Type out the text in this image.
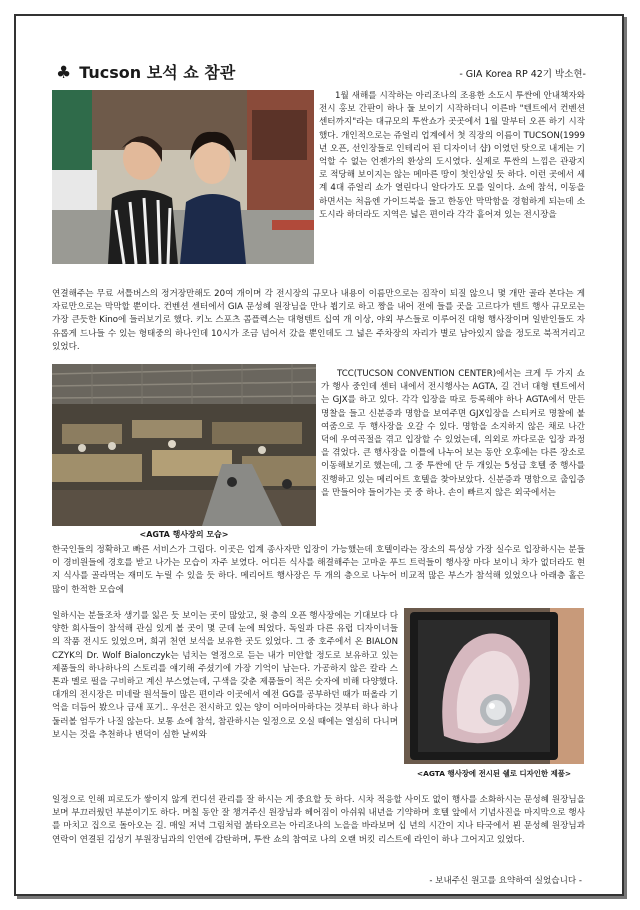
♣ Tucson 보석 쇼 참관	- GIA Korea RP 42기 박소현-
1월 새해를 시작하는 아리조나의 조용한 소도시 투싼에 안내책자와 전시 홍보 간판이 하나 둘 보이기 시작하더니 이른바 "텐트에서 컨벤션 센터까지"라는 대규모의 투싼쇼가 곳곳에서 1월 말부터 오픈 하기 시작했다. 개인적으로는 쥬얼리 업계에서 첫 직장의 이름이 TUCSON(1999년 오픈, 선인장들로 인테리어 된 디자이너 샵) 이였던 탓으로 내게는 기억할 수 없는 언젠가의 환상의 도시였다. 실제로 투싼의 느낌은 관광지로 적당해 보이지는 않는 메마른 땅이 첫인상일 듯 하다. 이런 곳에서 세계 4대 쥬얼리 쇼가 열린다니 알다가도 모를 일이다. 쇼에 참석, 이동을 하면서는 처음엔 가이드북을 들고 한동안 막막함을 경험하게 되는데 소도시라 하더라도 지역은 넓은 편이라 각각 흩어져 있는 전시장을
연결해주는 무료 셔틀버스의 정거장만해도 20여 개이며 각 전시장의 규모나 내용이 이름만으로는 짐작이 되질 않으니 몇 개만 골라 본다는 게 자료만으로는 막막할 뿐이다. 컨벤션 센터에서 GIA 문성혜 원장님을 만나 뵙기로 하고 짱을 내어 전에 들를 곳을 고르다가 텐트 행사 규모로는 가장 큰듯한 Kino에 들러보기로 했다. 키노 스포츠 콤플렉스는 대형텐트 십여 개 이상, 야외 부스들로 이루어진 대형 행사장이며 일반인들도 자유롭게 드나들 수 있는 형태중의 하나인데 10시가 조금 넘어서 갔을 뿐인데도 그 넓은 주차장의 자리가 별로 남아있지 않을 정도로 북적거리고 있었다.
<AGTA 행사장의 모습>
TCC(TUCSON CONVENTION CENTER)에서는 크게 두 가지 쇼가 행사 중인데 센터 내에서 전시행사는 AGTA, 길 건너 대형 텐트에서는 GJX를 하고 있다. 각각 입장을 따로 등록해야 하나 AGTA에서 만든 명찰을 들고 신분증과 명함을 보여주면 GJX입장을 스티커로 명찰에 붙여줌으로 두 행사장을 오갈 수 있다. 명함을 소지하지 않은 채로 나간 덕에 우여곡절을 겪고 입장할 수 있었는데, 의외로 까다로운 입장 과정을 겪었다. 큰 행사장을 이틀에 나누어 보는 동안 오후에는 다른 장소로 이동해보기로 했는데, 그 중 투싼에 단 두 개있는 5성급 호텔 중 행사를 진행하고 있는 메리어트 호텔을 찾아보았다. 신분증과 명함으로 출입증을 만들어야 들어가는 곳 중 하나. 손이 빠르지 않은 외국에서는
한국인들의 정확하고 빠른 서비스가 그립다. 이곳은 업계 종사자만 입장이 가능했는데 호텔이라는 장소의 특성상 가장 실수로 입장하시는 분들이 경비원들에 경호를 받고 나가는 모습이 자주 보였다. 어디든 식사를 해결해주는 고마운 푸드 트럭들이 행사장 마다 보이니 차가 없더라도 현지 식사를 골라먹는 재미도 누릴 수 있을 듯 하다. 메리어트 행사장은 두 개의 층으로 나누어 비교적 많은 부스가 참석해 있었으나 아래층 홀은 많이 한적한 모습에
일하시는 분들조차 생기를 잃은 듯 보이는 곳이 많았고, 윗 층의 오픈 행사장에는 기대보다 다양한 회사들이 참석해 관심 있게 볼 곳이 몇 군데 눈에 띄었다. 독일과 다른 유럽 디자이너들의 작품 전시도 있었으며, 희귀 천연 보석을 보유한 곳도 있었다. 그 중 호주에서 온 BIALONCZYK의 Dr. Wolf Bialonczyk는 넘치는 열정으로 듣는 내가 미안할 정도로 보유하고 있는 제품들의 하나하나의 스토리를 얘기해 주셨기에 가장 기억이 남는다. 가공하지 않은 칼라 스톤과 멜로 펄을 구비하고 계신 부스였는데, 구색을 갖춘 제품들이 적은 숫자에 비해 다양했다. 대개의 전시장은 미네랄 원석들이 많은 편이라 이곳에서 예전 GG를 공부하던 때가 떠올라 기억을 더듬어 봤으나 금새 포기.. 우선은 전시하고 있는 양이 어마어마하다는 것부터 하나 하나 둘러볼 엄두가 나질 않는다. 보통 쇼에 참석, 참관하시는 일정으로 오실 때에는 열심히 다니며 보시는 것을 추천하나 변덕이 심한 날씨와
<AGTA 행사장에 전시된 쉘로 디자인한 제품>
일정으로 인해 피로도가 쌓이지 않게 컨디션 관리를 잘 하시는 게 중요할 듯 하다. 시차 적응할 사이도 없이 행사를 소화하시는 문성혜 원장님을 보며 부끄러웠던 부분이기도 하다. 며칠 동안 잘 챙겨주신 원장님과 헤어짐이 아쉬워 내년을 기약하며 호텔 앞에서 기념사진을 마지막으로 행사를 마치고 집으로 돌아오는 길. 매일 저녁 그림처럼 붉타오르는 아리조나의 노을을 바라보며 십 년의 시간이 지나 타국에서 뵌 문성혜 원장님과 연락이 연결된 김성기 부원장님과의 인연에 감탄하며, 투싼 쇼의 참여로 나의 오랜 버킷 리스트에 라인이 하나 그어지고 있었다.
- 보내주신 원고를 요약하여 실었습니다 -
